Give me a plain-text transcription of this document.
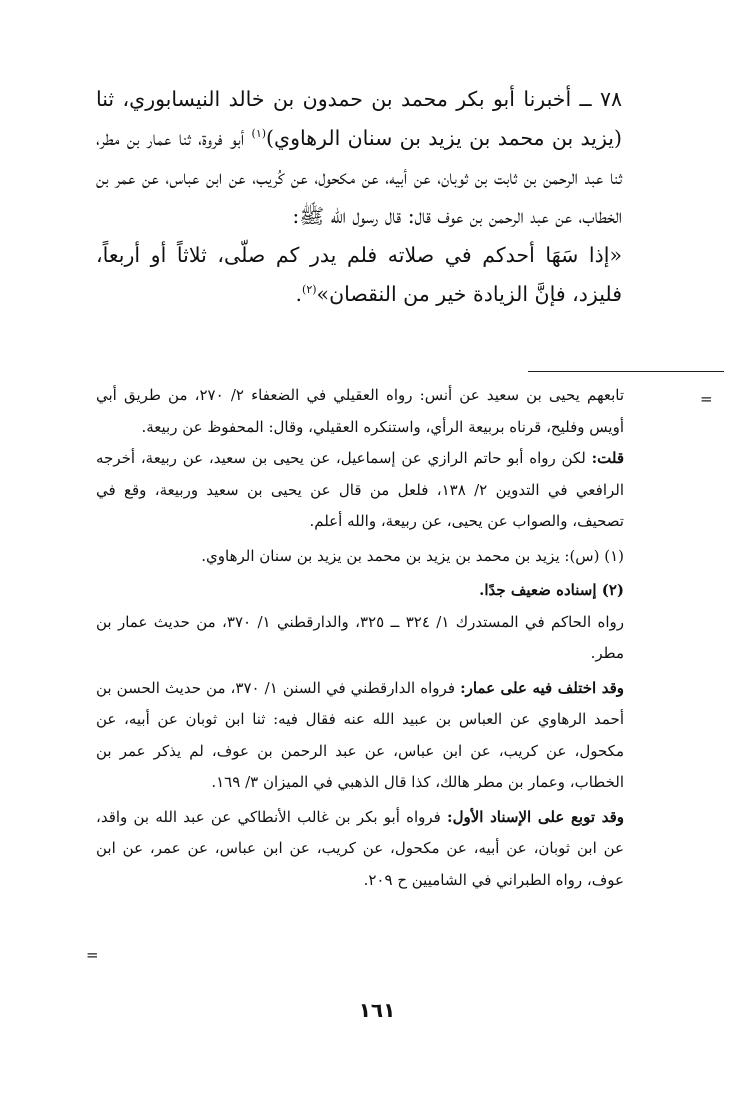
٧٨ ــ أخبرنا أبو بكر محمد بن حمدون بن خالد النيسابوري، ثنا (يزيد بن محمد بن يزيد بن سنان الرهاوي)$^{(١)}$ أبو فروة، ثنا عمار بن مطر، ثنا عبد الرحمن بن ثابت بن ثوبان، عن أبيه، عن مكحول، عن كُريب، عن ابن عباس، عن عمر بن الخطاب، عن عبد الرحمن بن عوف قال: قال رسول الله ﷺ:

«إذا سَهَا أحدكم في صلاته فلم يدر كم صلّى، ثلاثاً أو أربعاً، فليزد، فإنَّ الزيادة خير من النقصان»$^{(٢)}$.

=
=

تابعهم يحيى بن سعيد عن أنس: رواه العقيلي في الضعفاء ٢/ ٢٧٠، من طريق أبي أويس وفليح، قرناه بربيعة الرأي، واستنكره العقيلي، وقال: المحفوظ عن ربيعة.

قلت: لكن رواه أبو حاتم الرازي عن إسماعيل، عن يحيى بن سعيد، عن ربيعة، أخرجه الرافعي في التدوين ٢/ ١٣٨، فلعل من قال عن يحيى بن سعيد وربيعة، وقع في تصحيف، والصواب عن يحيى، عن ربيعة، والله أعلم.

(١) (س): يزيد بن محمد بن يزيد بن محمد بن يزيد بن سنان الرهاوي.

(٢) إسناده ضعيف جدًا.

رواه الحاكم في المستدرك ١/ ٣٢٤ ــ ٣٢٥، والدارقطني ١/ ٣٧٠، من حديث عمار بن مطر.

وقد اختلف فيه على عمار: فرواه الدارقطني في السنن ١/ ٣٧٠، من حديث الحسن بن أحمد الرهاوي عن العباس بن عبيد الله عنه فقال فيه: ثنا ابن ثوبان عن أبيه، عن مكحول، عن كريب، عن ابن عباس، عن عبد الرحمن بن عوف، لم يذكر عمر بن الخطاب، وعمار بن مطر هالك، كذا قال الذهبي في الميزان ٣/ ١٦٩.

وقد توبع على الإسناد الأول: فرواه أبو بكر بن غالب الأنطاكي عن عبد الله بن واقد، عن ابن ثوبان، عن أبيه، عن مكحول، عن كريب، عن ابن عباس، عن عمر، عن ابن عوف، رواه الطبراني في الشاميين ح ٢٠٩.

١٦١
